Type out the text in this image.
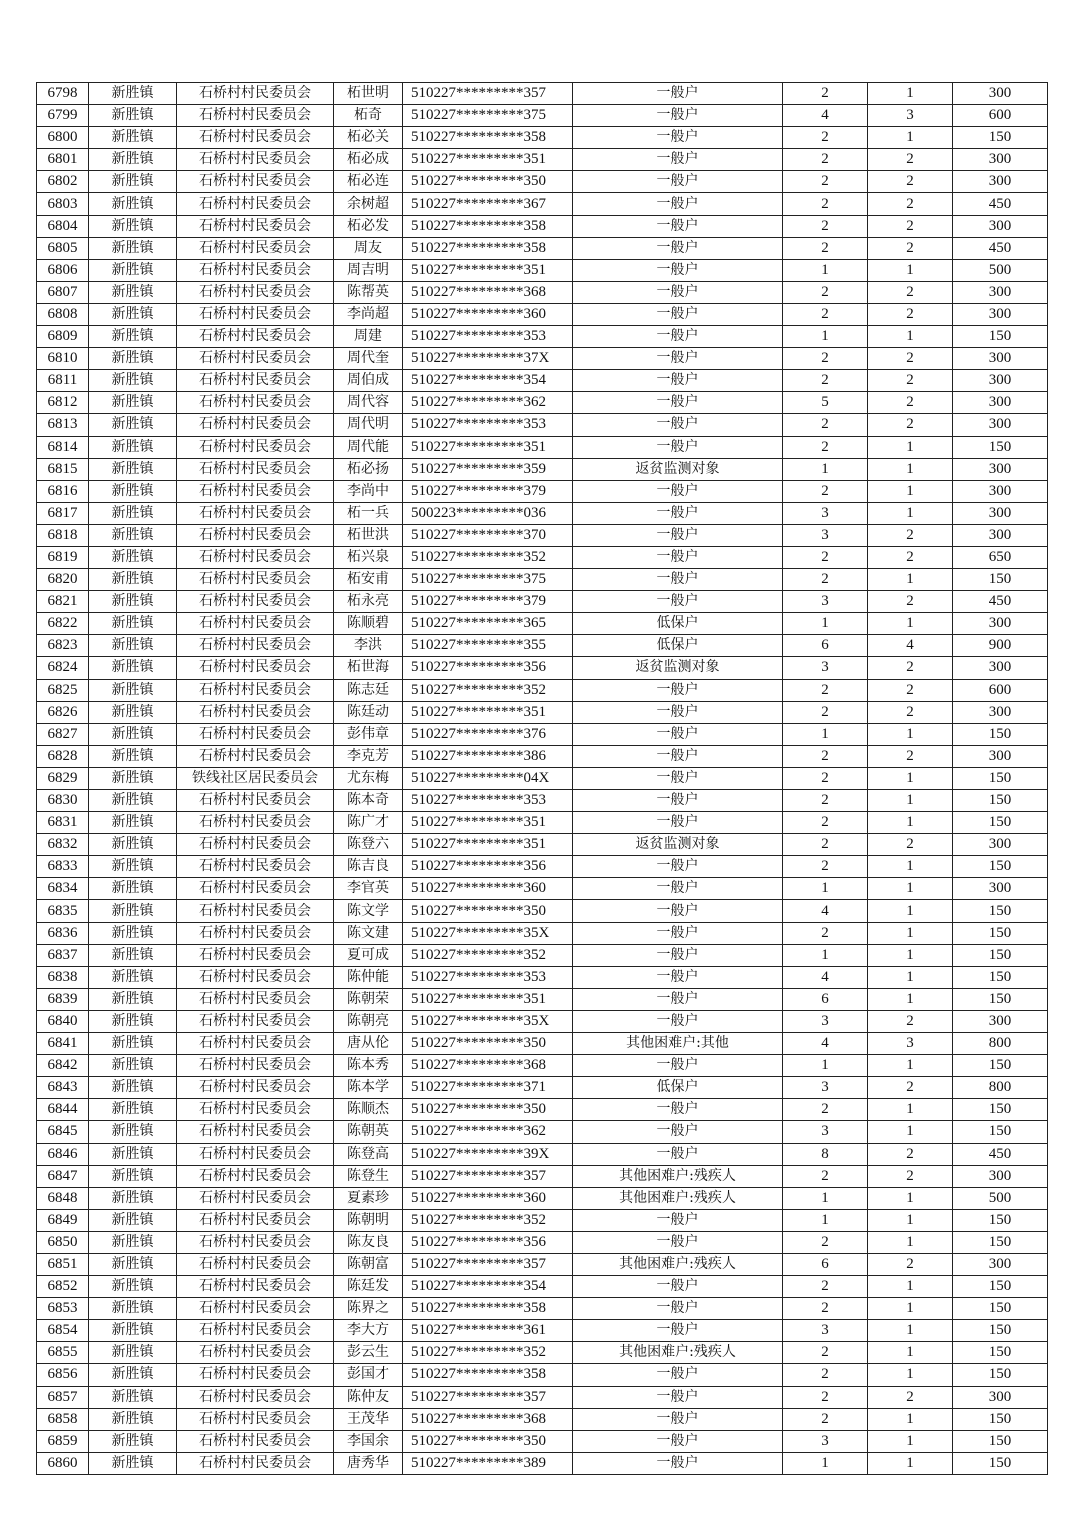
6798	新胜镇	石桥村村民委员会	柘世明	510227*********357	一般户	2	1	300
6799	新胜镇	石桥村村民委员会	柘奇	510227*********375	一般户	4	3	600
6800	新胜镇	石桥村村民委员会	柘必关	510227*********358	一般户	2	1	150
6801	新胜镇	石桥村村民委员会	柘必成	510227*********351	一般户	2	2	300
6802	新胜镇	石桥村村民委员会	柘必连	510227*********350	一般户	2	2	300
6803	新胜镇	石桥村村民委员会	余树超	510227*********367	一般户	2	2	450
6804	新胜镇	石桥村村民委员会	柘必发	510227*********358	一般户	2	2	300
6805	新胜镇	石桥村村民委员会	周友	510227*********358	一般户	2	2	450
6806	新胜镇	石桥村村民委员会	周吉明	510227*********351	一般户	1	1	500
6807	新胜镇	石桥村村民委员会	陈帮英	510227*********368	一般户	2	2	300
6808	新胜镇	石桥村村民委员会	李尚超	510227*********360	一般户	2	2	300
6809	新胜镇	石桥村村民委员会	周建	510227*********353	一般户	1	1	150
6810	新胜镇	石桥村村民委员会	周代奎	510227*********37X	一般户	2	2	300
6811	新胜镇	石桥村村民委员会	周伯成	510227*********354	一般户	2	2	300
6812	新胜镇	石桥村村民委员会	周代容	510227*********362	一般户	5	2	300
6813	新胜镇	石桥村村民委员会	周代明	510227*********353	一般户	2	2	300
6814	新胜镇	石桥村村民委员会	周代能	510227*********351	一般户	2	1	150
6815	新胜镇	石桥村村民委员会	柘必扬	510227*********359	返贫监测对象	1	1	300
6816	新胜镇	石桥村村民委员会	李尚中	510227*********379	一般户	2	1	300
6817	新胜镇	石桥村村民委员会	柘一兵	500223*********036	一般户	3	1	300
6818	新胜镇	石桥村村民委员会	柘世洪	510227*********370	一般户	3	2	300
6819	新胜镇	石桥村村民委员会	柘兴泉	510227*********352	一般户	2	2	650
6820	新胜镇	石桥村村民委员会	柘安甫	510227*********375	一般户	2	1	150
6821	新胜镇	石桥村村民委员会	柘永亮	510227*********379	一般户	3	2	450
6822	新胜镇	石桥村村民委员会	陈顺碧	510227*********365	低保户	1	1	300
6823	新胜镇	石桥村村民委员会	李洪	510227*********355	低保户	6	4	900
6824	新胜镇	石桥村村民委员会	柘世海	510227*********356	返贫监测对象	3	2	300
6825	新胜镇	石桥村村民委员会	陈志廷	510227*********352	一般户	2	2	600
6826	新胜镇	石桥村村民委员会	陈廷动	510227*********351	一般户	2	2	300
6827	新胜镇	石桥村村民委员会	彭伟章	510227*********376	一般户	1	1	150
6828	新胜镇	石桥村村民委员会	李克芳	510227*********386	一般户	2	2	300
6829	新胜镇	铁线社区居民委员会	尤东梅	510227*********04X	一般户	2	1	150
6830	新胜镇	石桥村村民委员会	陈本奇	510227*********353	一般户	2	1	150
6831	新胜镇	石桥村村民委员会	陈广才	510227*********351	一般户	2	1	150
6832	新胜镇	石桥村村民委员会	陈登六	510227*********351	返贫监测对象	2	2	300
6833	新胜镇	石桥村村民委员会	陈吉良	510227*********356	一般户	2	1	150
6834	新胜镇	石桥村村民委员会	李官英	510227*********360	一般户	1	1	300
6835	新胜镇	石桥村村民委员会	陈文学	510227*********350	一般户	4	1	150
6836	新胜镇	石桥村村民委员会	陈文建	510227*********35X	一般户	2	1	150
6837	新胜镇	石桥村村民委员会	夏可成	510227*********352	一般户	1	1	150
6838	新胜镇	石桥村村民委员会	陈仲能	510227*********353	一般户	4	1	150
6839	新胜镇	石桥村村民委员会	陈朝荣	510227*********351	一般户	6	1	150
6840	新胜镇	石桥村村民委员会	陈朝亮	510227*********35X	一般户	3	2	300
6841	新胜镇	石桥村村民委员会	唐从伦	510227*********350	其他困难户:其他	4	3	800
6842	新胜镇	石桥村村民委员会	陈本秀	510227*********368	一般户	1	1	150
6843	新胜镇	石桥村村民委员会	陈本学	510227*********371	低保户	3	2	800
6844	新胜镇	石桥村村民委员会	陈顺杰	510227*********350	一般户	2	1	150
6845	新胜镇	石桥村村民委员会	陈朝英	510227*********362	一般户	3	1	150
6846	新胜镇	石桥村村民委员会	陈登高	510227*********39X	一般户	8	2	450
6847	新胜镇	石桥村村民委员会	陈登生	510227*********357	其他困难户:残疾人	2	2	300
6848	新胜镇	石桥村村民委员会	夏素珍	510227*********360	其他困难户:残疾人	1	1	500
6849	新胜镇	石桥村村民委员会	陈朝明	510227*********352	一般户	1	1	150
6850	新胜镇	石桥村村民委员会	陈友良	510227*********356	一般户	2	1	150
6851	新胜镇	石桥村村民委员会	陈朝富	510227*********357	其他困难户:残疾人	6	2	300
6852	新胜镇	石桥村村民委员会	陈廷发	510227*********354	一般户	2	1	150
6853	新胜镇	石桥村村民委员会	陈界之	510227*********358	一般户	2	1	150
6854	新胜镇	石桥村村民委员会	李大方	510227*********361	一般户	3	1	150
6855	新胜镇	石桥村村民委员会	彭云生	510227*********352	其他困难户:残疾人	2	1	150
6856	新胜镇	石桥村村民委员会	彭国才	510227*********358	一般户	2	1	150
6857	新胜镇	石桥村村民委员会	陈仲友	510227*********357	一般户	2	2	300
6858	新胜镇	石桥村村民委员会	王茂华	510227*********368	一般户	2	1	150
6859	新胜镇	石桥村村民委员会	李国余	510227*********350	一般户	3	1	150
6860	新胜镇	石桥村村民委员会	唐秀华	510227*********389	一般户	1	1	150
